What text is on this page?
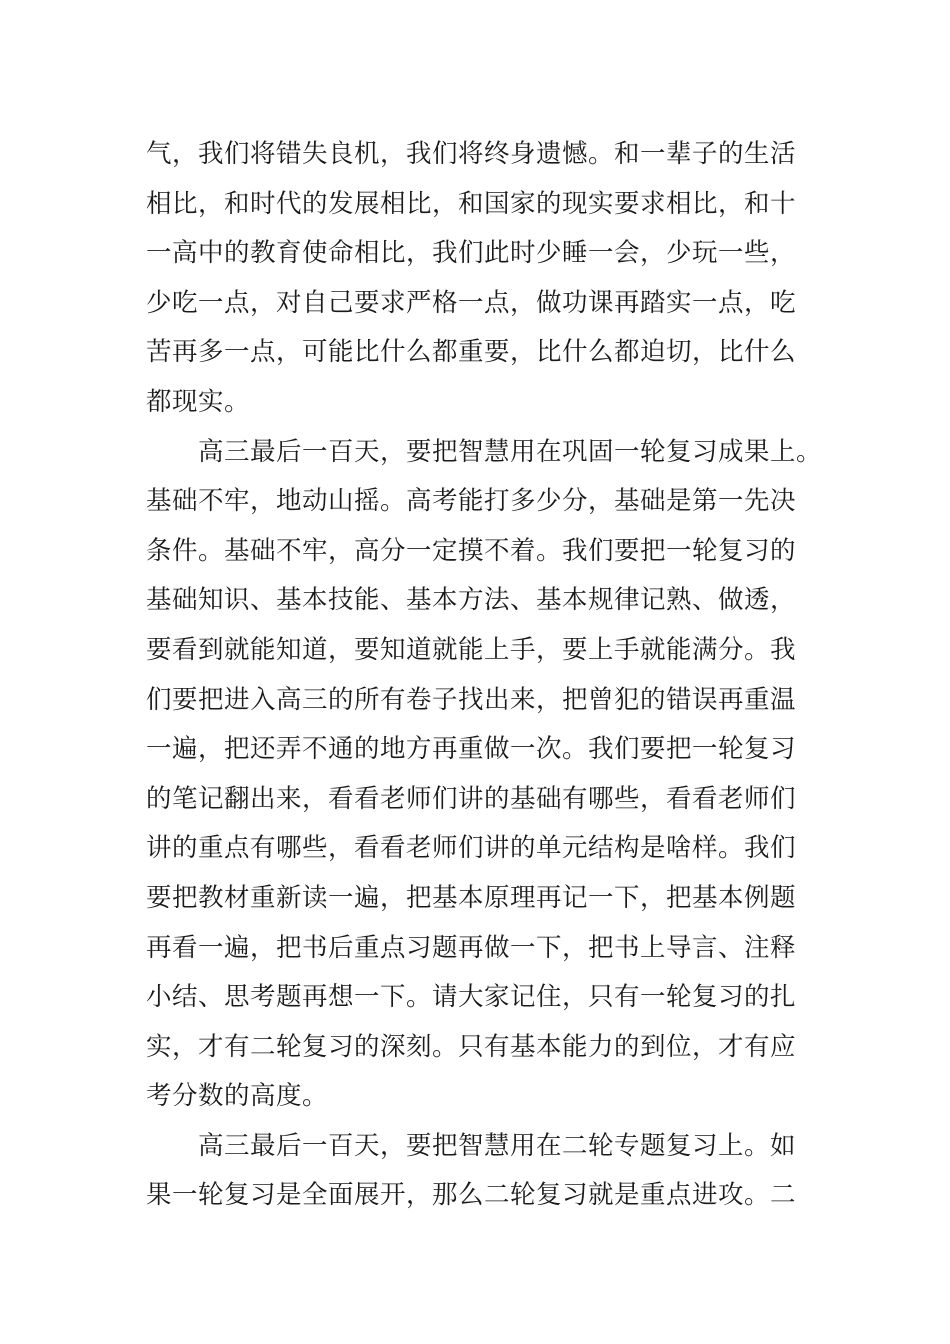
气，我们将错失良机，我们将终身遗憾。和一辈子的生活
相比，和时代的发展相比，和国家的现实要求相比，和十
一高中的教育使命相比，我们此时少睡一会，少玩一些，
少吃一点，对自己要求严格一点，做功课再踏实一点，吃
苦再多一点，可能比什么都重要，比什么都迫切，比什么
都现实。
高三最后一百天，要把智慧用在巩固一轮复习成果上。
基础不牢，地动山摇。高考能打多少分，基础是第一先决
条件。基础不牢，高分一定摸不着。我们要把一轮复习的
基础知识、基本技能、基本方法、基本规律记熟、做透，
要看到就能知道，要知道就能上手，要上手就能满分。我
们要把进入高三的所有卷子找出来，把曾犯的错误再重温
一遍，把还弄不通的地方再重做一次。我们要把一轮复习
的笔记翻出来，看看老师们讲的基础有哪些，看看老师们
讲的重点有哪些，看看老师们讲的单元结构是啥样。我们
要把教材重新读一遍，把基本原理再记一下，把基本例题
再看一遍，把书后重点习题再做一下，把书上导言、注释
小结、思考题再想一下。请大家记住，只有一轮复习的扎
实，才有二轮复习的深刻。只有基本能力的到位，才有应
考分数的高度。
高三最后一百天，要把智慧用在二轮专题复习上。如
果一轮复习是全面展开，那么二轮复习就是重点进攻。二
